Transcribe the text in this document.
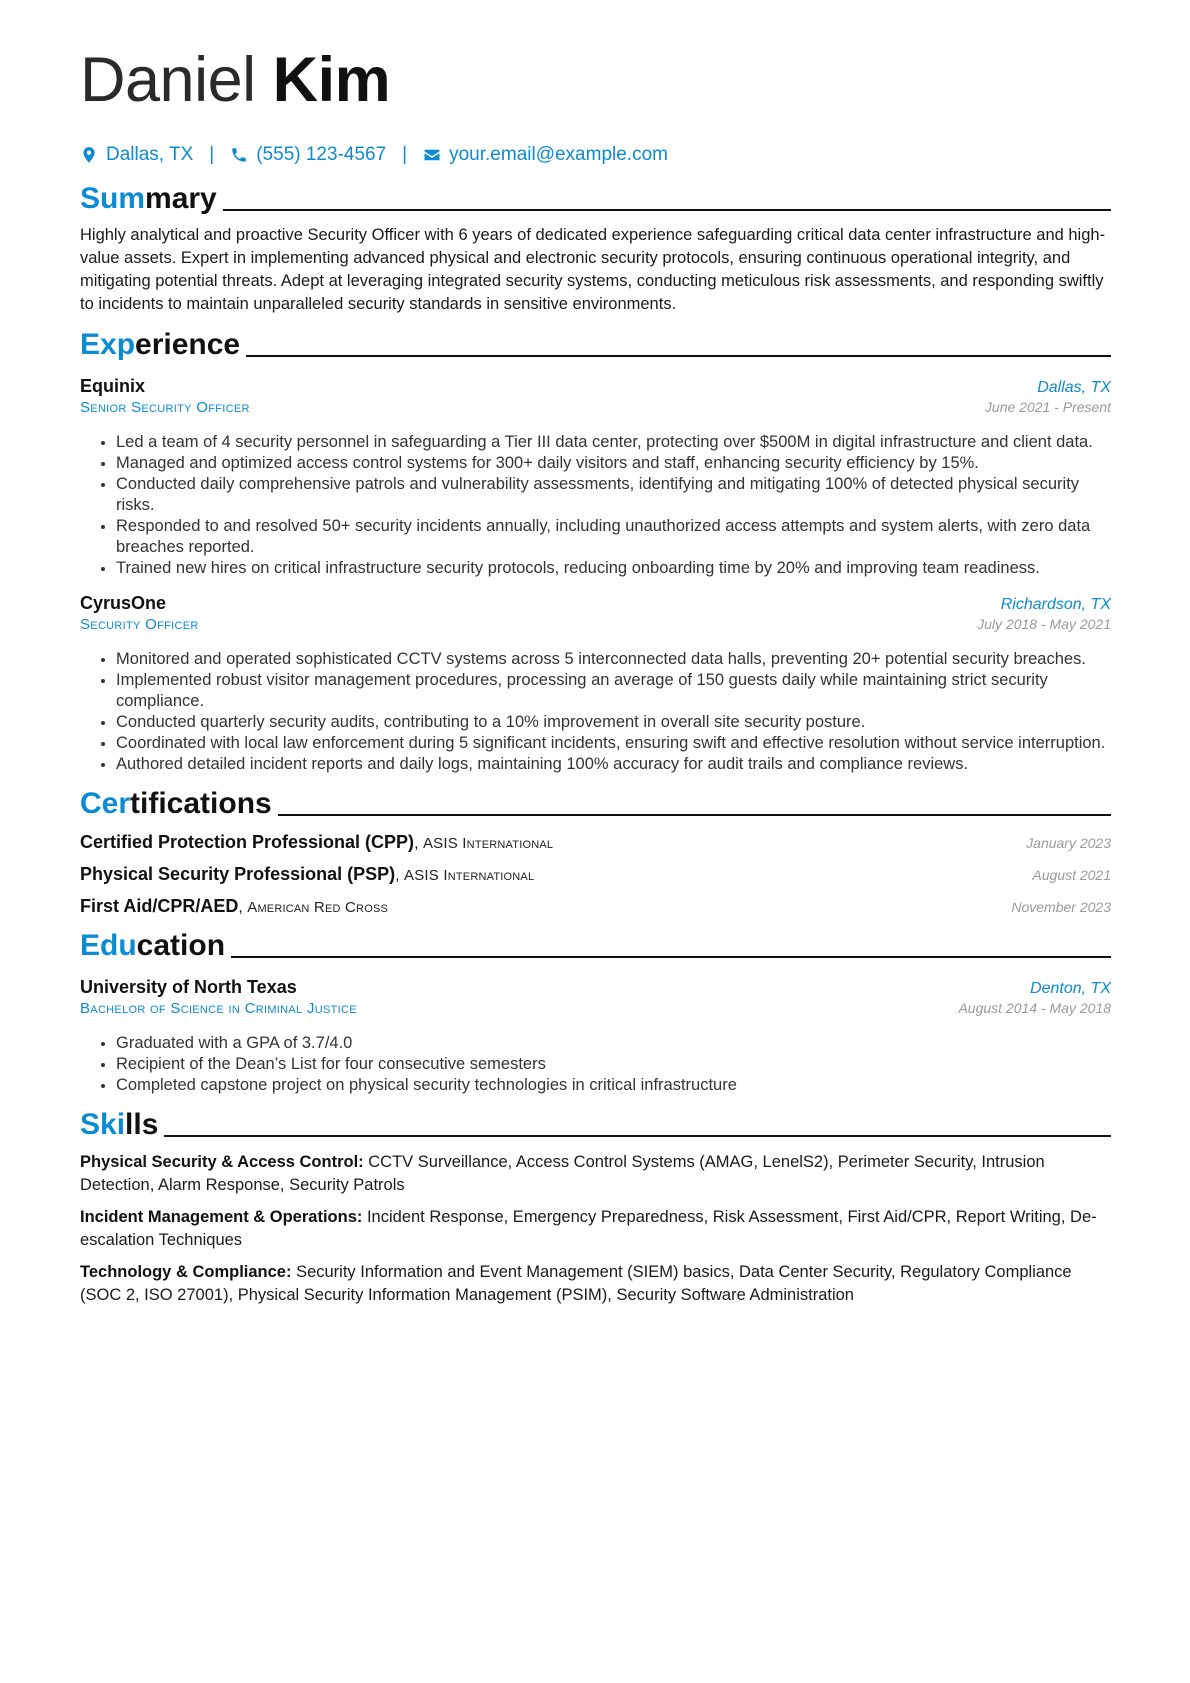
Daniel Kim
Dallas, TX | (555) 123-4567 | your.email@example.com
Summary
Highly analytical and proactive Security Officer with 6 years of dedicated experience safeguarding critical data center infrastructure and high-value assets. Expert in implementing advanced physical and electronic security protocols, ensuring continuous operational integrity, and mitigating potential threats. Adept at leveraging integrated security systems, conducting meticulous risk assessments, and responding swiftly to incidents to maintain unparalleled security standards in sensitive environments.
Experience
Equinix	Dallas, TX
Senior Security Officer	June 2021 - Present
• Led a team of 4 security personnel in safeguarding a Tier III data center, protecting over $500M in digital infrastructure and client data.
• Managed and optimized access control systems for 300+ daily visitors and staff, enhancing security efficiency by 15%.
• Conducted daily comprehensive patrols and vulnerability assessments, identifying and mitigating 100% of detected physical security risks.
• Responded to and resolved 50+ security incidents annually, including unauthorized access attempts and system alerts, with zero data breaches reported.
• Trained new hires on critical infrastructure security protocols, reducing onboarding time by 20% and improving team readiness.
CyrusOne	Richardson, TX
Security Officer	July 2018 - May 2021
• Monitored and operated sophisticated CCTV systems across 5 interconnected data halls, preventing 20+ potential security breaches.
• Implemented robust visitor management procedures, processing an average of 150 guests daily while maintaining strict security compliance.
• Conducted quarterly security audits, contributing to a 10% improvement in overall site security posture.
• Coordinated with local law enforcement during 5 significant incidents, ensuring swift and effective resolution without service interruption.
• Authored detailed incident reports and daily logs, maintaining 100% accuracy for audit trails and compliance reviews.
Certifications
Certified Protection Professional (CPP), ASIS International	January 2023
Physical Security Professional (PSP), ASIS International	August 2021
First Aid/CPR/AED, American Red Cross	November 2023
Education
University of North Texas	Denton, TX
Bachelor of Science in Criminal Justice	August 2014 - May 2018
• Graduated with a GPA of 3.7/4.0
• Recipient of the Dean’s List for four consecutive semesters
• Completed capstone project on physical security technologies in critical infrastructure
Skills
Physical Security & Access Control: CCTV Surveillance, Access Control Systems (AMAG, LenelS2), Perimeter Security, Intrusion Detection, Alarm Response, Security Patrols
Incident Management & Operations: Incident Response, Emergency Preparedness, Risk Assessment, First Aid/CPR, Report Writing, De-escalation Techniques
Technology & Compliance: Security Information and Event Management (SIEM) basics, Data Center Security, Regulatory Compliance (SOC 2, ISO 27001), Physical Security Information Management (PSIM), Security Software Administration
